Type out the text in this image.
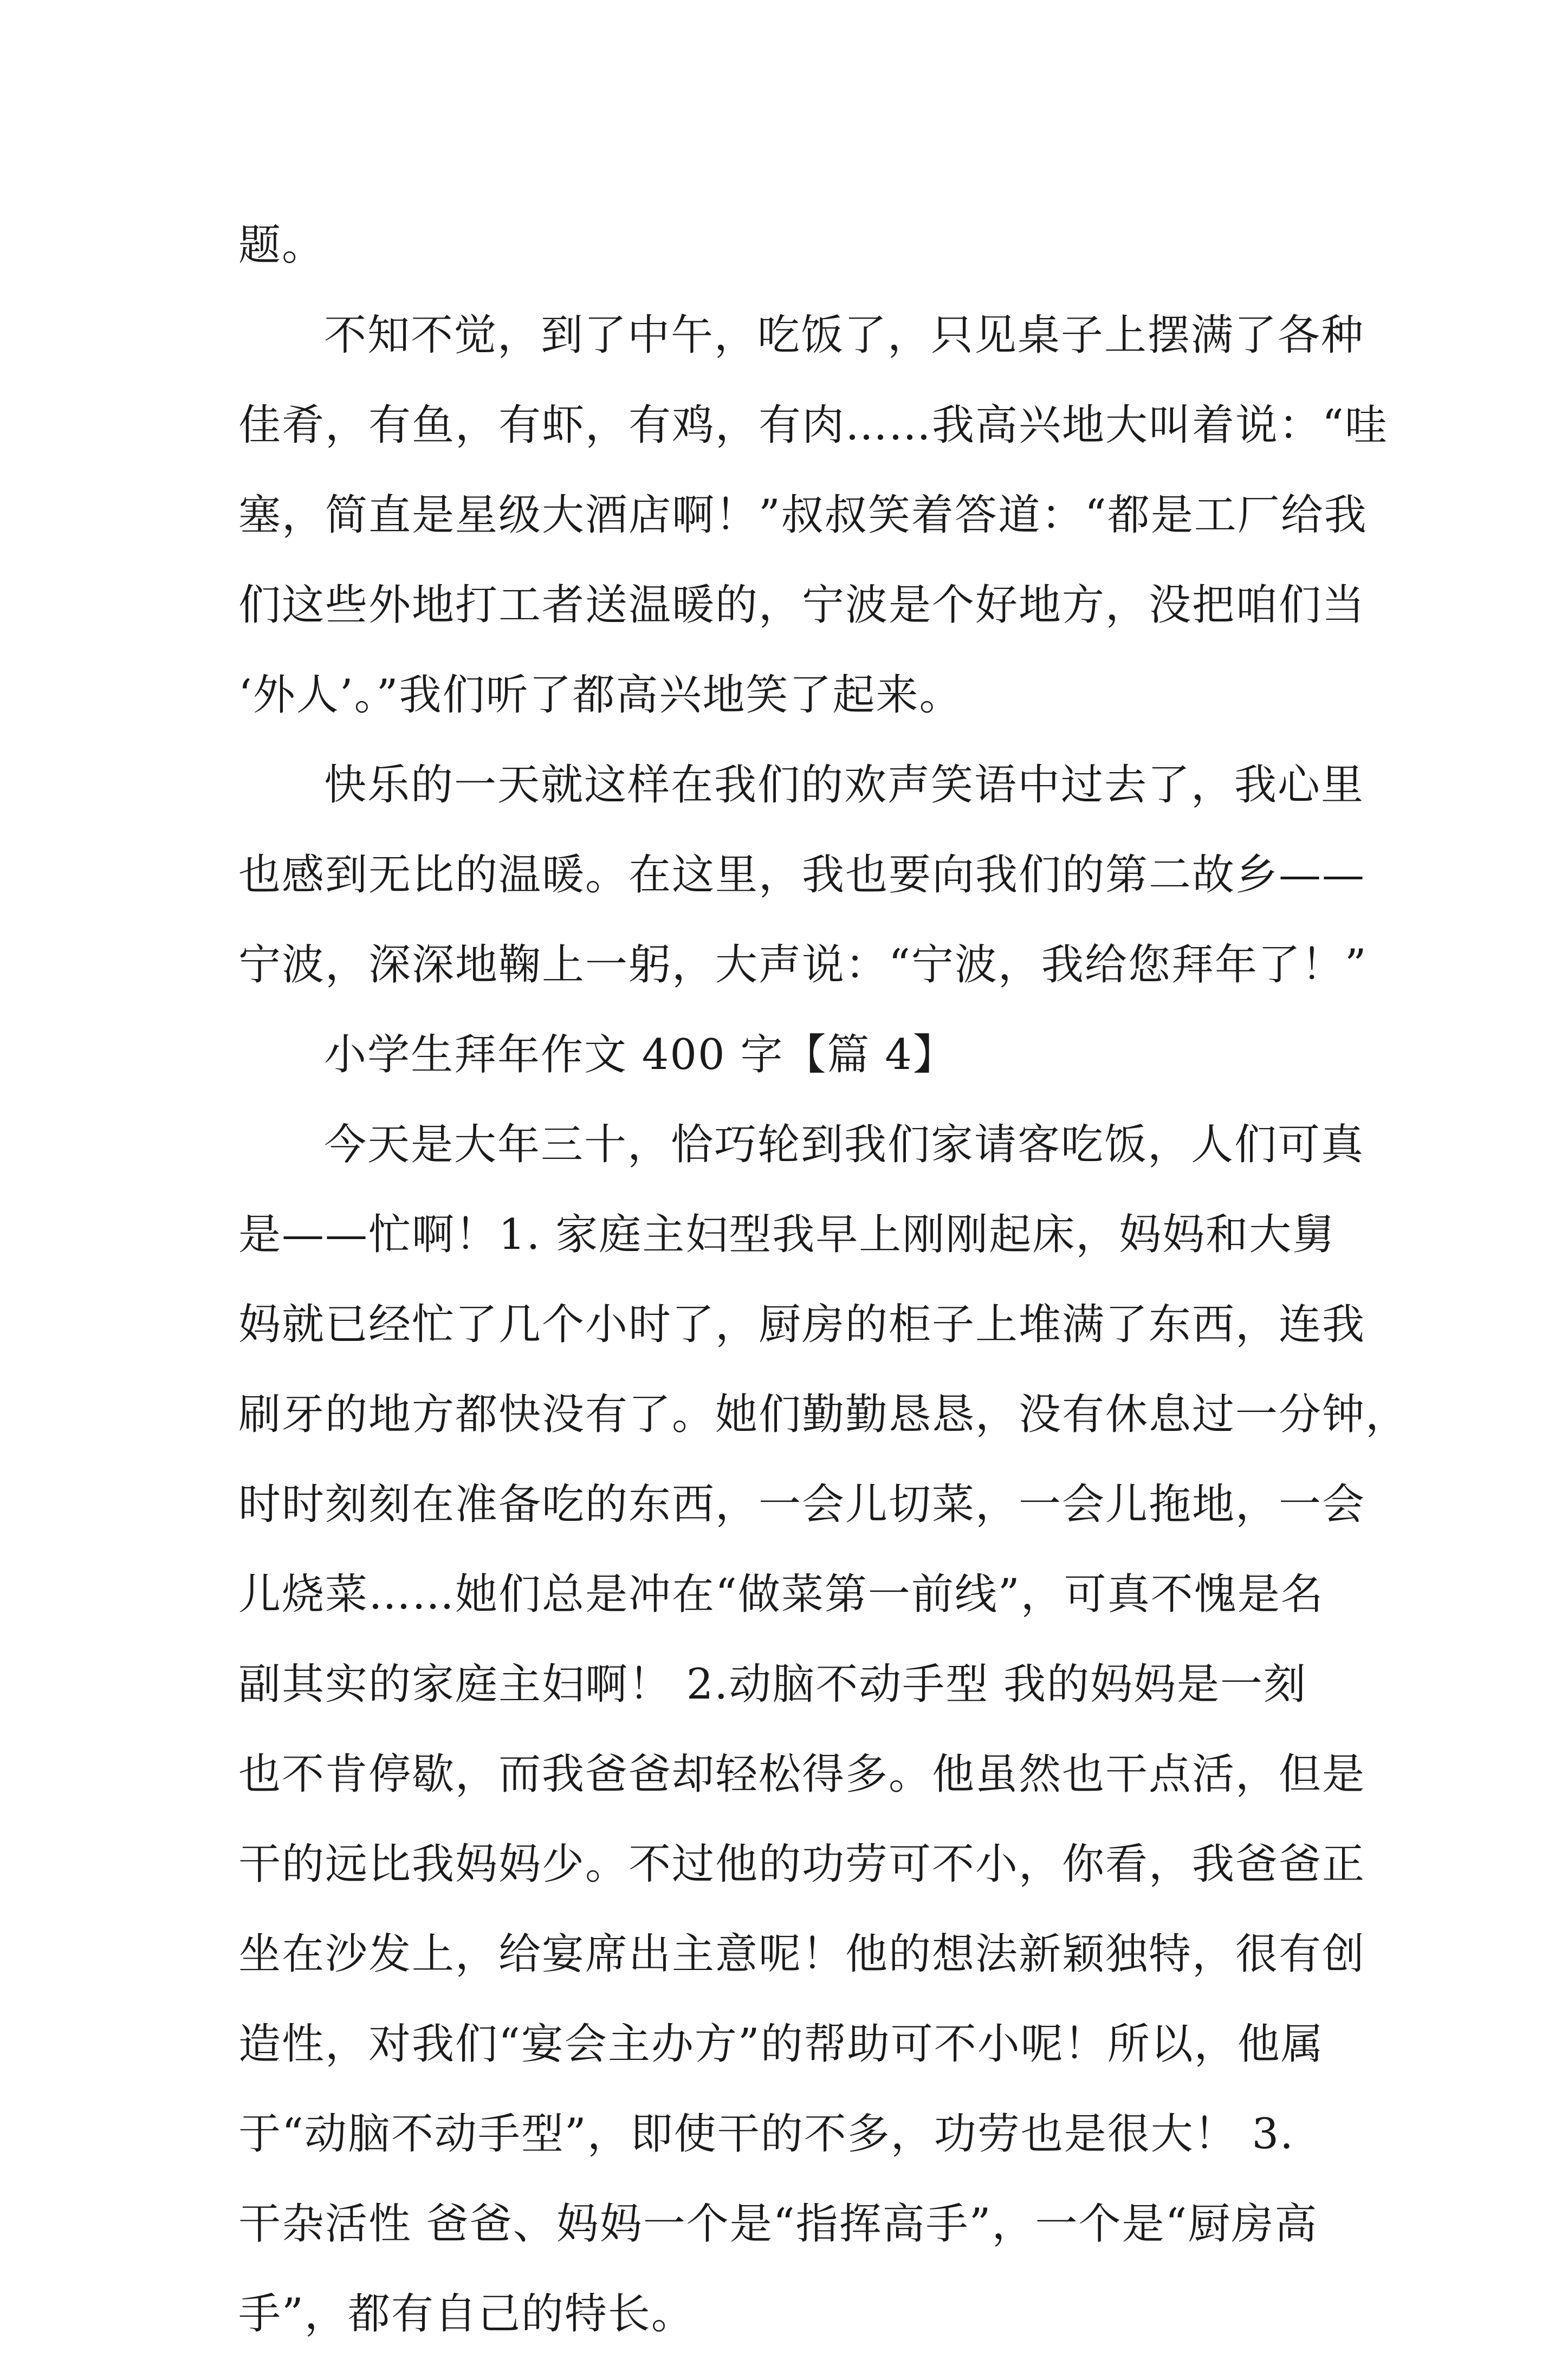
题。
不知不觉，到了中午，吃饭了，只见桌子上摆满了各种
佳肴，有鱼，有虾，有鸡，有肉……我高兴地大叫着说：“哇
塞，简直是星级大酒店啊！”叔叔笑着答道：“都是工厂给我
们这些外地打工者送温暖的，宁波是个好地方，没把咱们当
‘外人’。”我们听了都高兴地笑了起来。
快乐的一天就这样在我们的欢声笑语中过去了，我心里
也感到无比的温暖。在这里，我也要向我们的第二故乡——
宁波，深深地鞠上一躬，大声说：“宁波，我给您拜年了！”
小学生拜年作文 400 字【篇 4】
今天是大年三十，恰巧轮到我们家请客吃饭，人们可真
是——忙啊！1. 家庭主妇型我早上刚刚起床，妈妈和大舅
妈就已经忙了几个小时了，厨房的柜子上堆满了东西，连我
刷牙的地方都快没有了。她们勤勤恳恳，没有休息过一分钟，
时时刻刻在准备吃的东西，一会儿切菜，一会儿拖地，一会
儿烧菜……她们总是冲在“做菜第一前线”，可真不愧是名
副其实的家庭主妇啊！ 2.动脑不动手型 我的妈妈是一刻
也不肯停歇，而我爸爸却轻松得多。他虽然也干点活，但是
干的远比我妈妈少。不过他的功劳可不小，你看，我爸爸正
坐在沙发上，给宴席出主意呢！他的想法新颖独特，很有创
造性，对我们“宴会主办方”的帮助可不小呢！所以，他属
于“动脑不动手型”，即使干的不多，功劳也是很大！ 3.
干杂活性 爸爸、妈妈一个是“指挥高手”，一个是“厨房高
手”，都有自己的特长。
